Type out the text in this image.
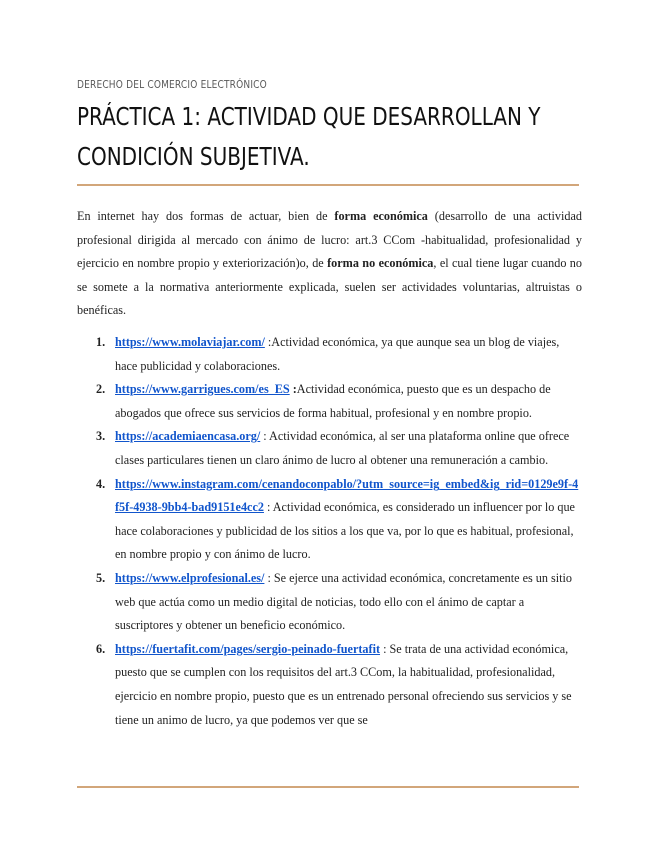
DERECHO DEL COMERCIO ELECTRÓNICO
PRÁCTICA 1: ACTIVIDAD QUE DESARROLLAN Y
CONDICIÓN SUBJETIVA.

En internet hay dos formas de actuar, bien de forma económica (desarrollo de una actividad profesional dirigida al mercado con ánimo de lucro: art.3 CCom -habitualidad, profesionalidad y ejercicio en nombre propio y exteriorización)o, de forma no económica, el cual tiene lugar cuando no se somete a la normativa anteriormente explicada, suelen ser actividades voluntarias, altruistas o benéficas.

1. https://www.molaviajar.com/ :Actividad económica, ya que aunque sea un blog de viajes, hace publicidad y colaboraciones.
2. https://www.garrigues.com/es_ES :Actividad económica, puesto que es un despacho de abogados que ofrece sus servicios de forma habitual, profesional y en nombre propio.
3. https://academiaencasa.org/ : Actividad económica, al ser una plataforma online que ofrece clases particulares tienen un claro ánimo de lucro al obtener una remuneración a cambio.
4. https://www.instagram.com/cenandoconpablo/?utm_source=ig_embed&ig_rid=0129e9f-4f5f-4938-9bb4-bad9151e4cc2 : Actividad económica, es considerado un influencer por lo que hace colaboraciones y publicidad de los sitios a los que va, por lo que es habitual, profesional, en nombre propio y con ánimo de lucro.
5. https://www.elprofesional.es/ : Se ejerce una actividad económica, concretamente es un sitio web que actúa como un medio digital de noticias, todo ello con el ánimo de captar a suscriptores y obtener un beneficio económico.
6. https://fuertafit.com/pages/sergio-peinado-fuertafit : Se trata de una actividad económica, puesto que se cumplen con los requisitos del art.3 CCom, la habitualidad, profesionalidad, ejercicio en nombre propio, puesto que es un entrenado personal ofreciendo sus servicios y se tiene un animo de lucro, ya que podemos ver que se
